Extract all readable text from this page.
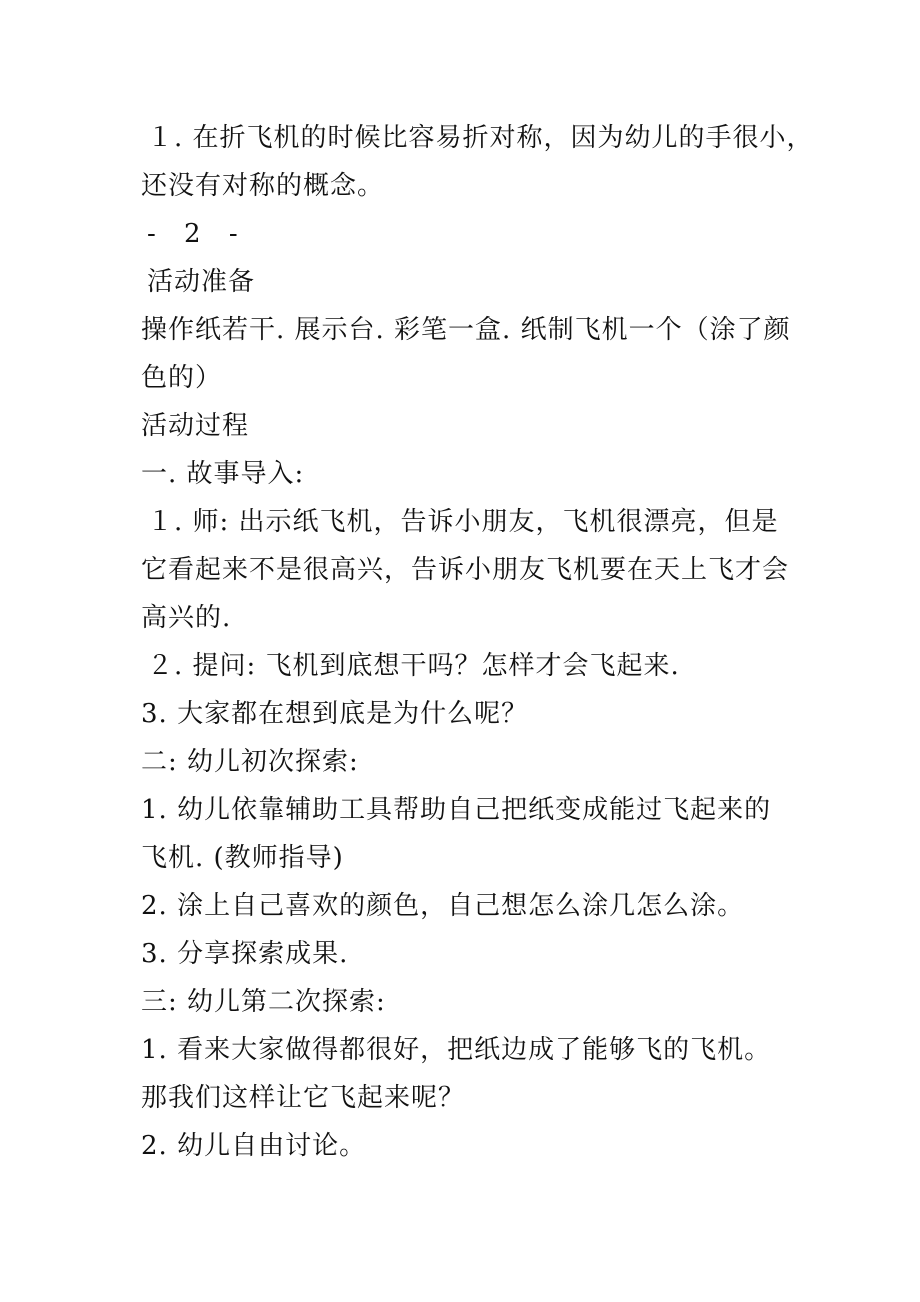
１. 在折飞机的时候比容易折对称，因为幼儿的手很小，
还没有对称的概念。
- 2 -
活动准备
操作纸若干. 展示台. 彩笔一盒. 纸制飞机一个（涂了颜
色的）
活动过程
一. 故事导入:
１. 师: 出示纸飞机，告诉小朋友，飞机很漂亮，但是
它看起来不是很高兴，告诉小朋友飞机要在天上飞才会
高兴的.
２. 提问: 飞机到底想干吗？怎样才会飞起来.
3. 大家都在想到底是为什么呢？
二: 幼儿初次探索:
1. 幼儿依靠辅助工具帮助自己把纸变成能过飞起来的
飞机. (教师指导)
2. 涂上自己喜欢的颜色，自己想怎么涂几怎么涂。
3. 分享探索成果.
三: 幼儿第二次探索:
1. 看来大家做得都很好，把纸边成了能够飞的飞机。
那我们这样让它飞起来呢？
2. 幼儿自由讨论。
